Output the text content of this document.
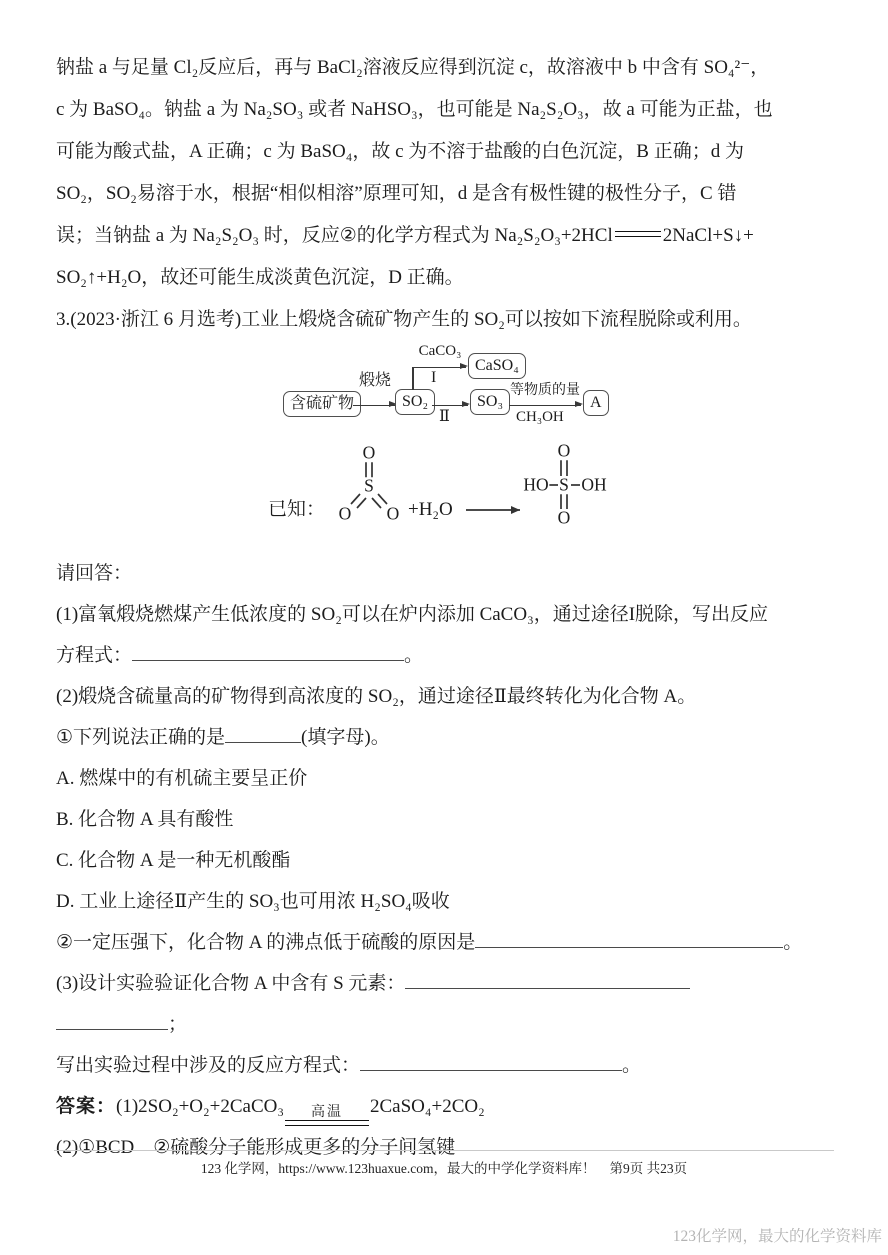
钠盐 a 与足量 Cl₂反应后，再与 BaCl₂溶液反应得到沉淀 c，故溶液中 b 中含有 SO₄²⁻，
c 为 BaSO₄。钠盐 a 为 Na₂SO₃ 或者 NaHSO₃，也可能是 Na₂S₂O₃，故 a 可能为正盐，也
可能为酸式盐，A 正确；c 为 BaSO₄，故 c 为不溶于盐酸的白色沉淀，B 正确；d 为
SO₂，SO₂易溶于水，根据“相似相溶”原理可知，d 是含有极性键的极性分子，C 错
误；当钠盐 a 为 Na₂S₂O₃ 时，反应②的化学方程式为 Na₂S₂O₃+2HCl	2NaCl+S↓+
SO₂↑+H₂O，故还可能生成淡黄色沉淀，D 正确。
3.(2023·浙江 6 月选考)工业上煅烧含硫矿物产生的 SO₂可以按如下流程脱除或利用。
含硫矿物
煅烧
SO₂
CaCO₃
I
CaSO₄
Ⅱ
SO₃
等物质的量
CH₃OH
A
已知：
O
S
O O +H₂O
O
HO S OH
O
请回答：
(1)富氧煅烧燃煤产生低浓度的 SO₂可以在炉内添加 CaCO₃，通过途径I脱除，写出反应
方程式：	。
(2)煅烧含硫量高的矿物得到高浓度的 SO₂，通过途径Ⅱ最终转化为化合物 A。
①下列说法正确的是	(填字母)。
A. 燃煤中的有机硫主要呈正价
B. 化合物 A 具有酸性
C. 化合物 A 是一种无机酸酯
D. 工业上途径Ⅱ产生的 SO₃也可用浓 H₂SO₄吸收
②一定压强下，化合物 A 的沸点低于硫酸的原因是	。
(3)设计实验验证化合物 A 中含有 S 元素：
；
写出实验过程中涉及的反应方程式：	。
答案：(1)2SO₂+O₂+2CaCO₃	高温	2CaSO₄+2CO₂
(2)①BCD　②硫酸分子能形成更多的分子间氢键
123 化学网，https://www.123huaxue.com，最大的中学化学资料库！ 第9页 共23页
123化学网，最大的化学资料库
